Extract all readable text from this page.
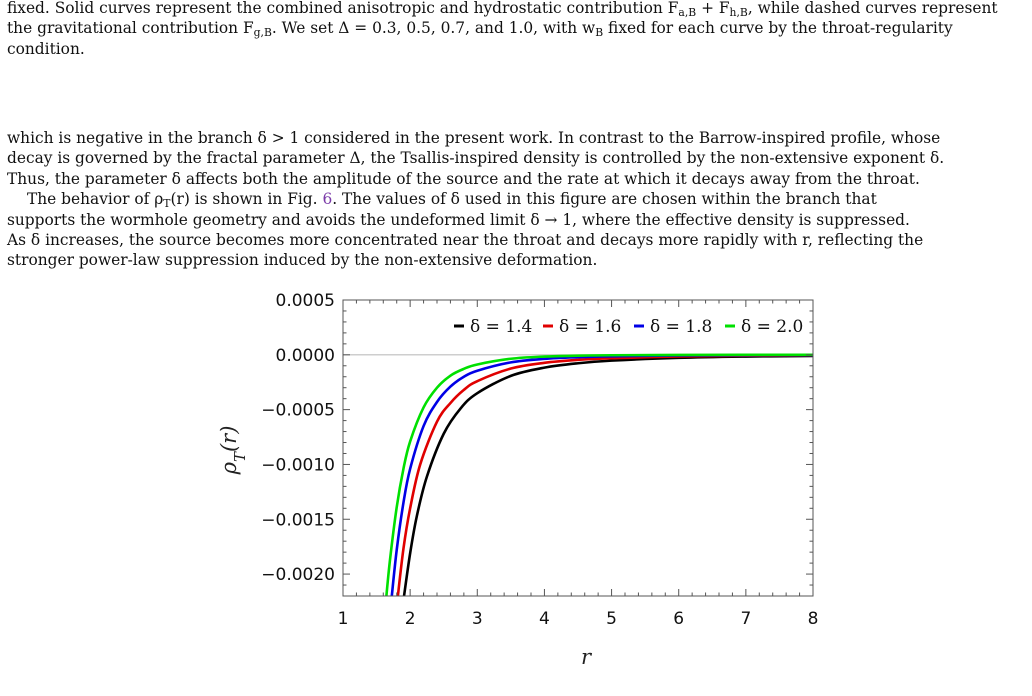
fixed. Solid curves represent the combined anisotropic and hydrostatic contribution $F_{a,B} + F_{h,B}$, while dashed curves represent
the gravitational contribution $F_{g,B}$. We set Δ = 0.3, 0.5, 0.7, and 1.0, with $w_B$ fixed for each curve by the throat-regularity
condition.
which is negative in the branch δ > 1 considered in the present work. In contrast to the Barrow-inspired profile, whose
decay is governed by the fractal parameter Δ, the Tsallis-inspired density is controlled by the non-extensive exponent δ.
Thus, the parameter δ affects both the amplitude of the source and the rate at which it decays away from the throat.
The behavior of $\rho_T(r)$ is shown in Fig. 6. The values of δ used in this figure are chosen within the branch that
supports the wormhole geometry and avoids the undeformed limit δ → 1, where the effective density is suppressed.
As δ increases, the source becomes more concentrated near the throat and decays more rapidly with r, reflecting the
stronger power-law suppression induced by the non-extensive deformation.
1	2	3	4	5	6	7	8
0.0005
0.0000
−0.0005
−0.0010
−0.0015
−0.0020
δ = 1.4 δ = 1.6 δ = 1.8 δ = 2.0
r
$\rho_T(r)$
